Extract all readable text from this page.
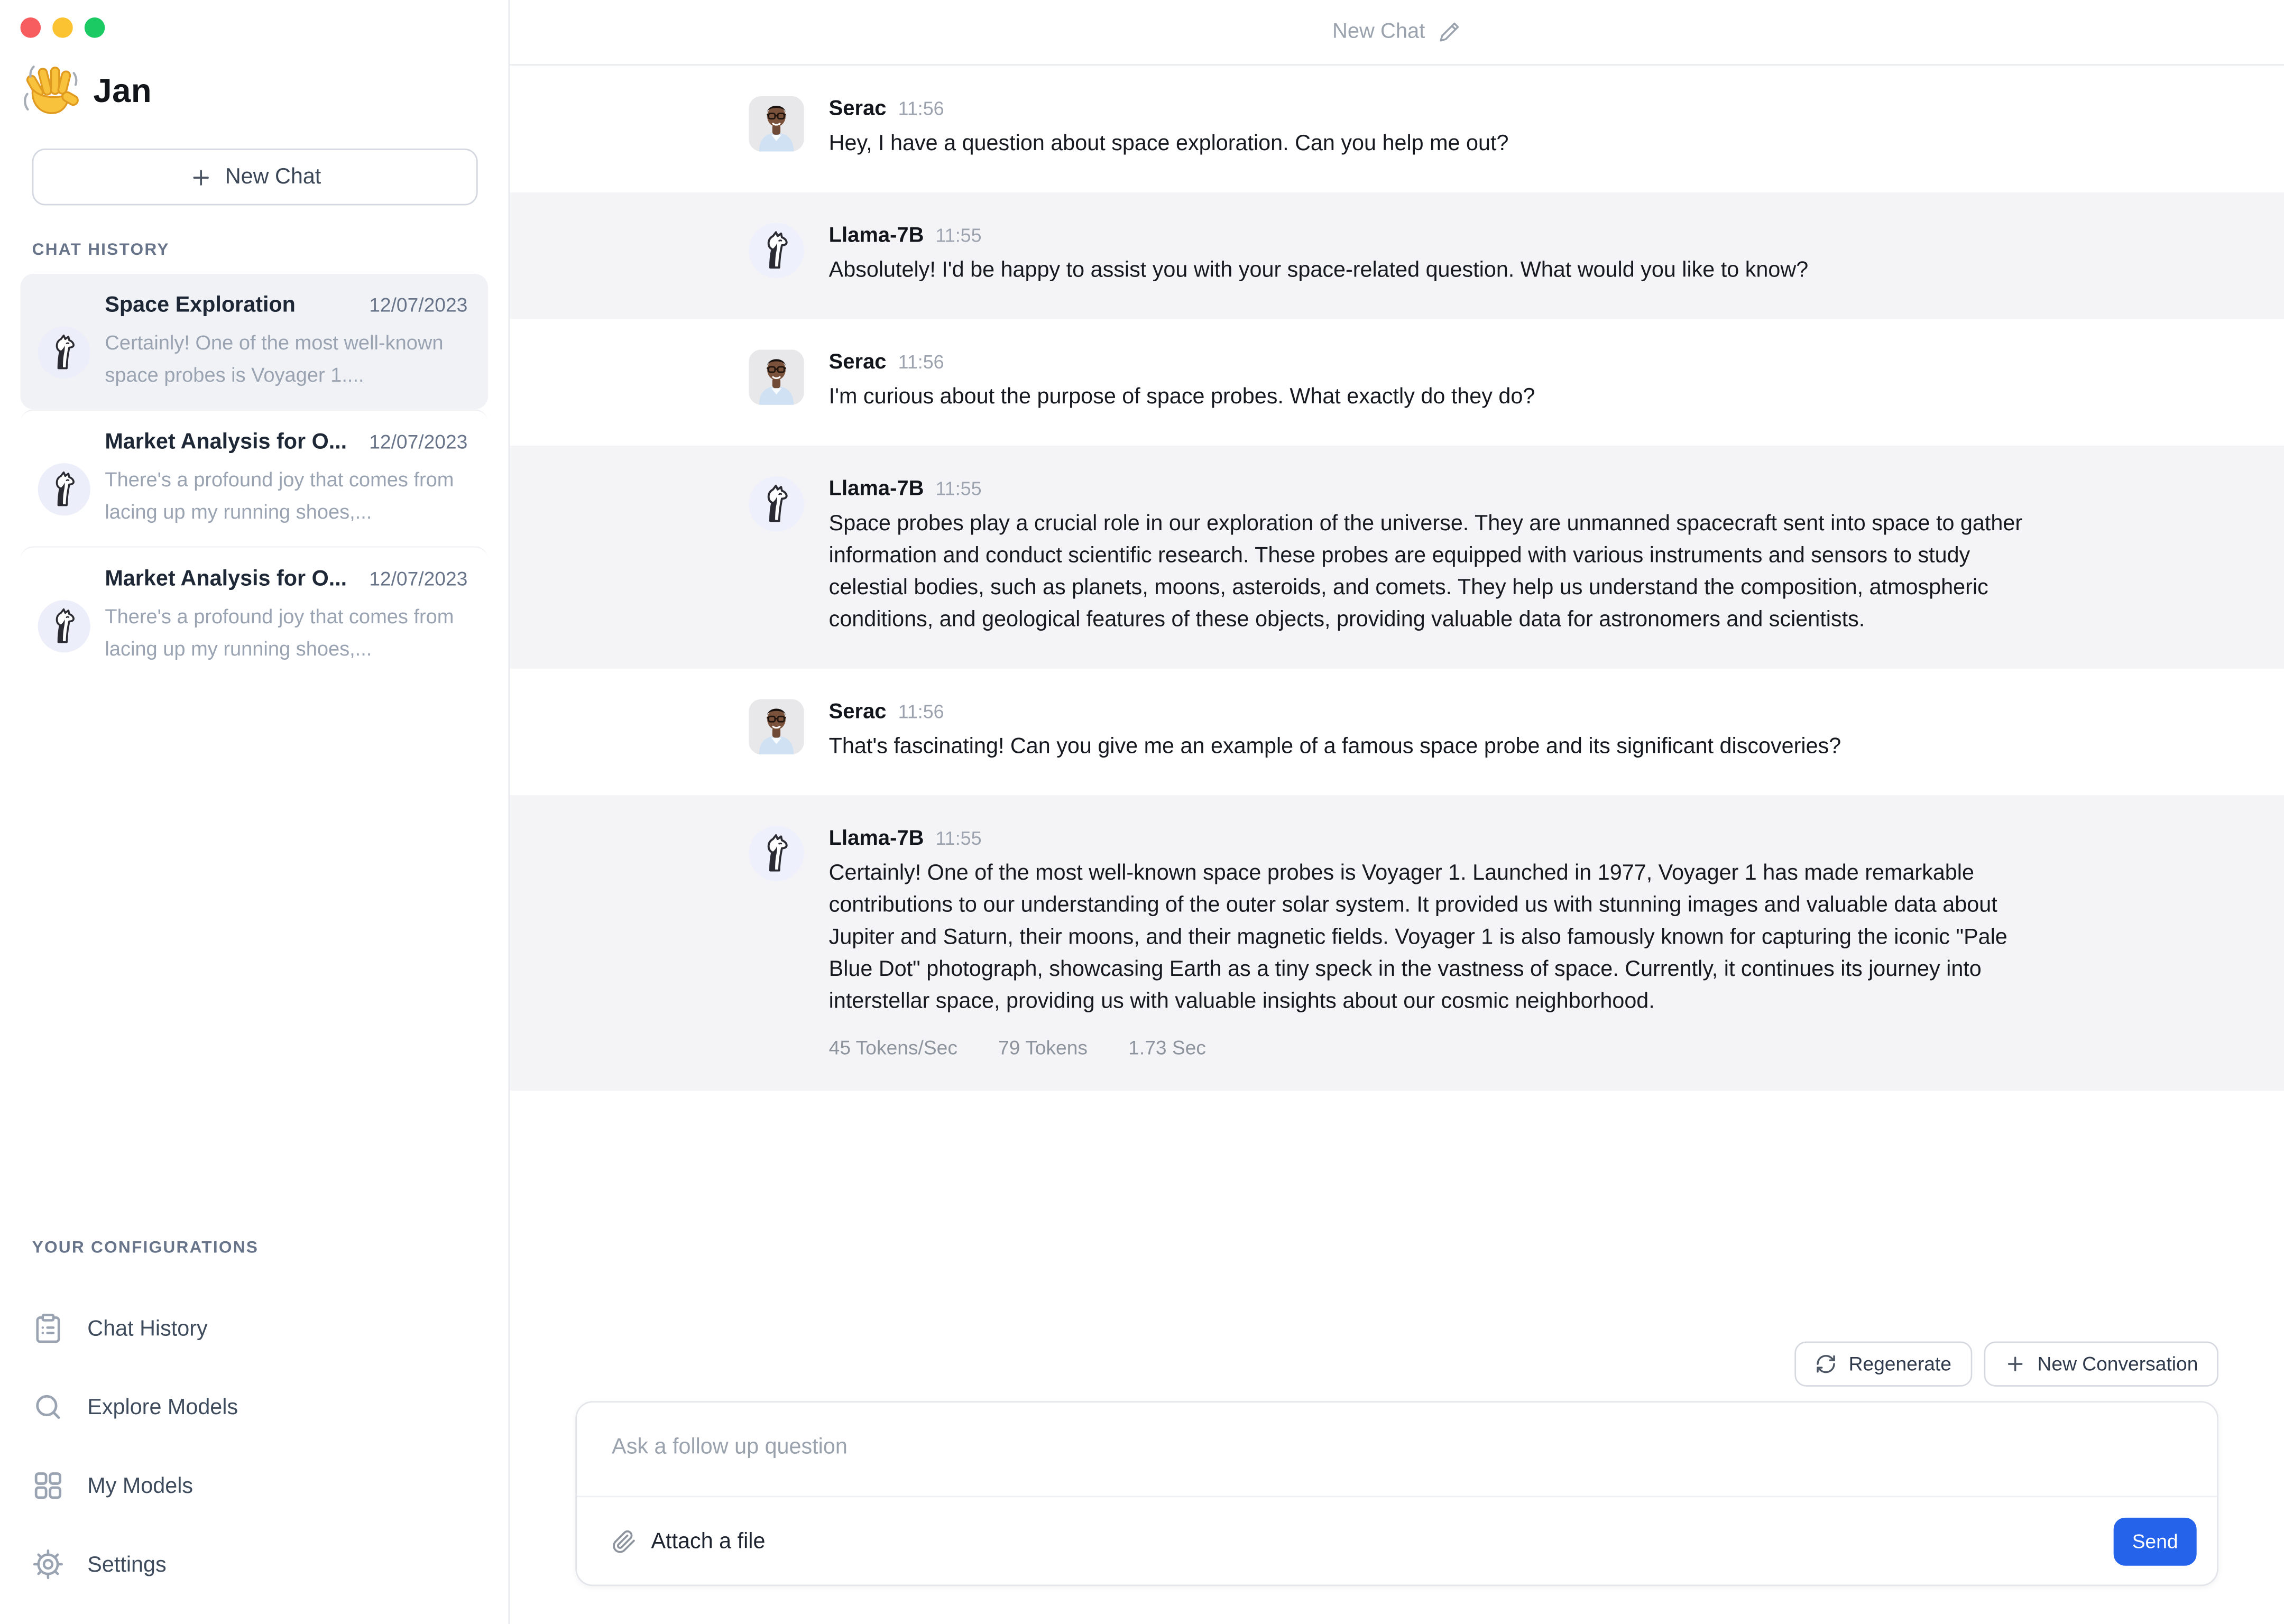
Jan
New Chat
CHAT HISTORY
Space Exploration	12/07/2023
Certainly! One of the most well-known space probes is Voyager 1....
Market Analysis for O...	12/07/2023
There's a profound joy that comes from lacing up my running shoes,...
Market Analysis for O...	12/07/2023
There's a profound joy that comes from lacing up my running shoes,...
YOUR CONFIGURATIONS
Chat History
Explore Models
My Models
Settings
New Chat
Serac 11:56
Hey, I have a question about space exploration. Can you help me out?
Llama-7B 11:55
Absolutely! I'd be happy to assist you with your space-related question. What would you like to know?
Serac 11:56
I'm curious about the purpose of space probes. What exactly do they do?
Llama-7B 11:55
Space probes play a crucial role in our exploration of the universe. They are unmanned spacecraft sent into space to gather information and conduct scientific research. These probes are equipped with various instruments and sensors to study celestial bodies, such as planets, moons, asteroids, and comets. They help us understand the composition, atmospheric conditions, and geological features of these objects, providing valuable data for astronomers and scientists.
Serac 11:56
That's fascinating! Can you give me an example of a famous space probe and its significant discoveries?
Llama-7B 11:55
Certainly! One of the most well-known space probes is Voyager 1. Launched in 1977, Voyager 1 has made remarkable contributions to our understanding of the outer solar system. It provided us with stunning images and valuable data about Jupiter and Saturn, their moons, and their magnetic fields. Voyager 1 is also famously known for capturing the iconic "Pale Blue Dot" photograph, showcasing Earth as a tiny speck in the vastness of space. Currently, it continues its journey into interstellar space, providing us with valuable insights about our cosmic neighborhood.
45 Tokens/Sec	79 Tokens	1.73 Sec
Regenerate	New Conversation
Ask a follow up question
Attach a file	Send
